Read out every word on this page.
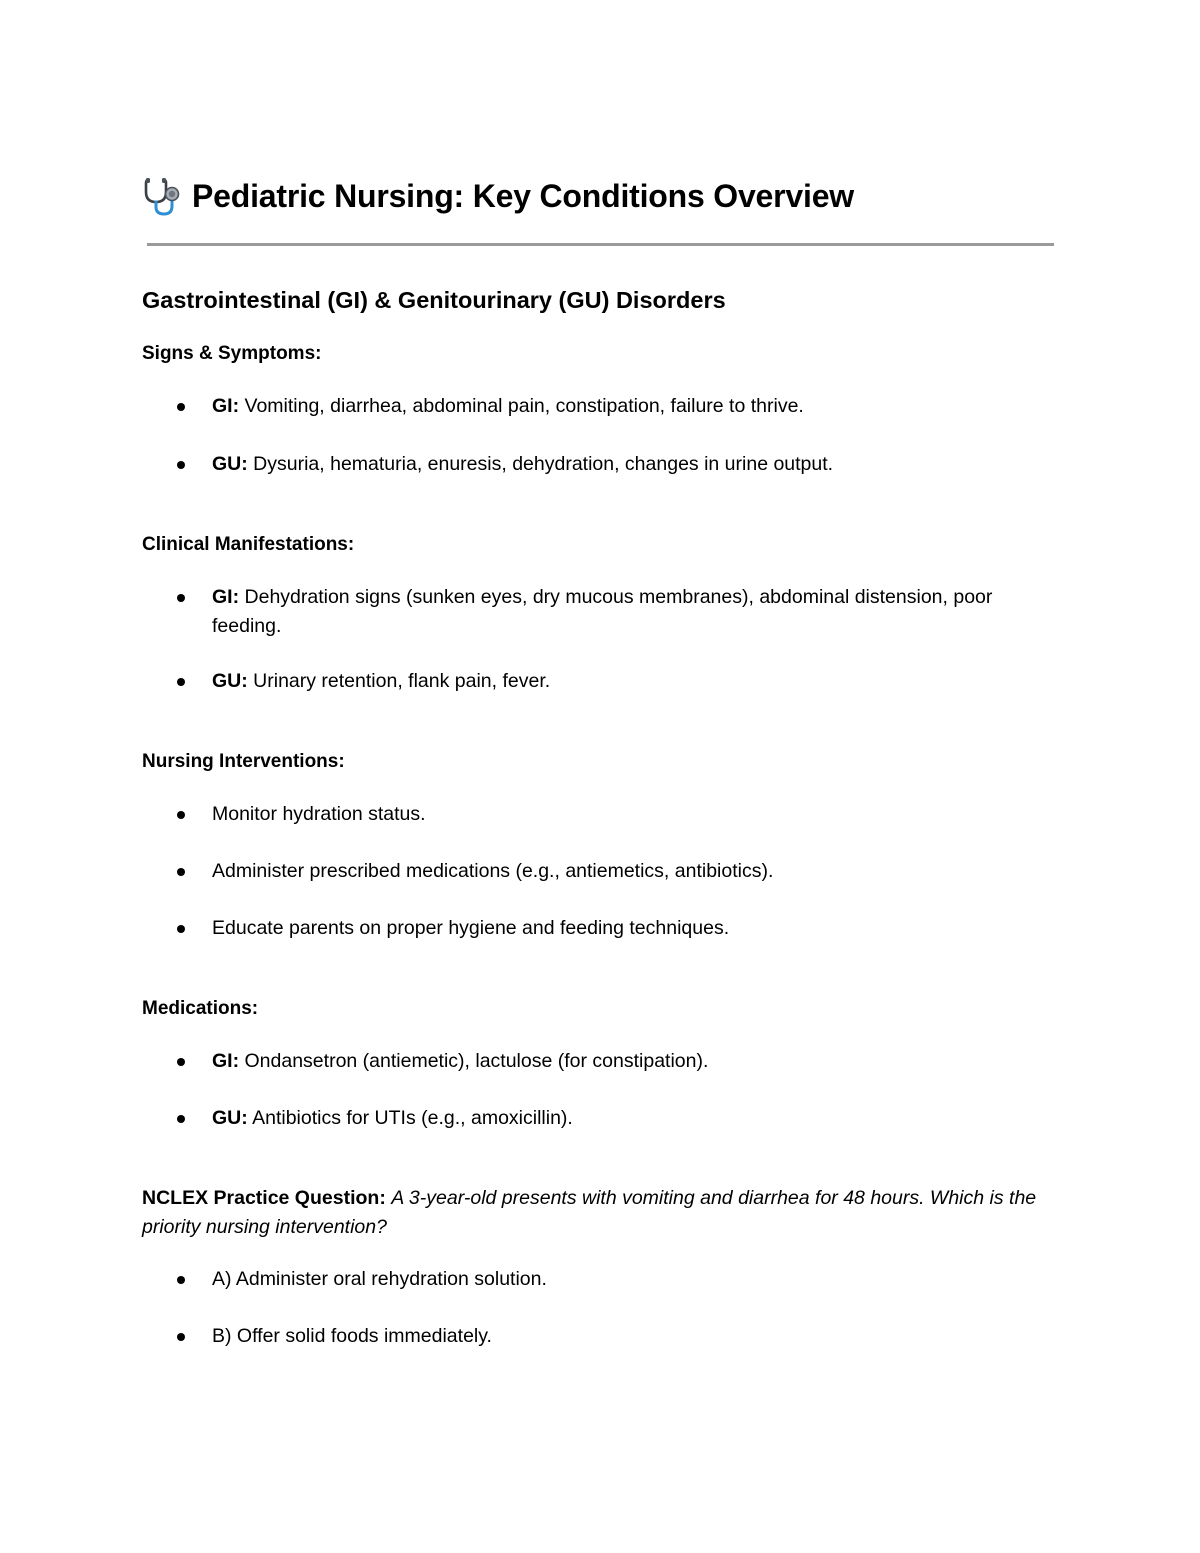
Pediatric Nursing: Key Conditions Overview
Gastrointestinal (GI) & Genitourinary (GU) Disorders
Signs & Symptoms:
GI: Vomiting, diarrhea, abdominal pain, constipation, failure to thrive.
GU: Dysuria, hematuria, enuresis, dehydration, changes in urine output.
Clinical Manifestations:
GI: Dehydration signs (sunken eyes, dry mucous membranes), abdominal distension, poor feeding.
GU: Urinary retention, flank pain, fever.
Nursing Interventions:
Monitor hydration status.
Administer prescribed medications (e.g., antiemetics, antibiotics).
Educate parents on proper hygiene and feeding techniques.
Medications:
GI: Ondansetron (antiemetic), lactulose (for constipation).
GU: Antibiotics for UTIs (e.g., amoxicillin).
NCLEX Practice Question: A 3-year-old presents with vomiting and diarrhea for 48 hours. Which is the priority nursing intervention?
A) Administer oral rehydration solution.
B) Offer solid foods immediately.
